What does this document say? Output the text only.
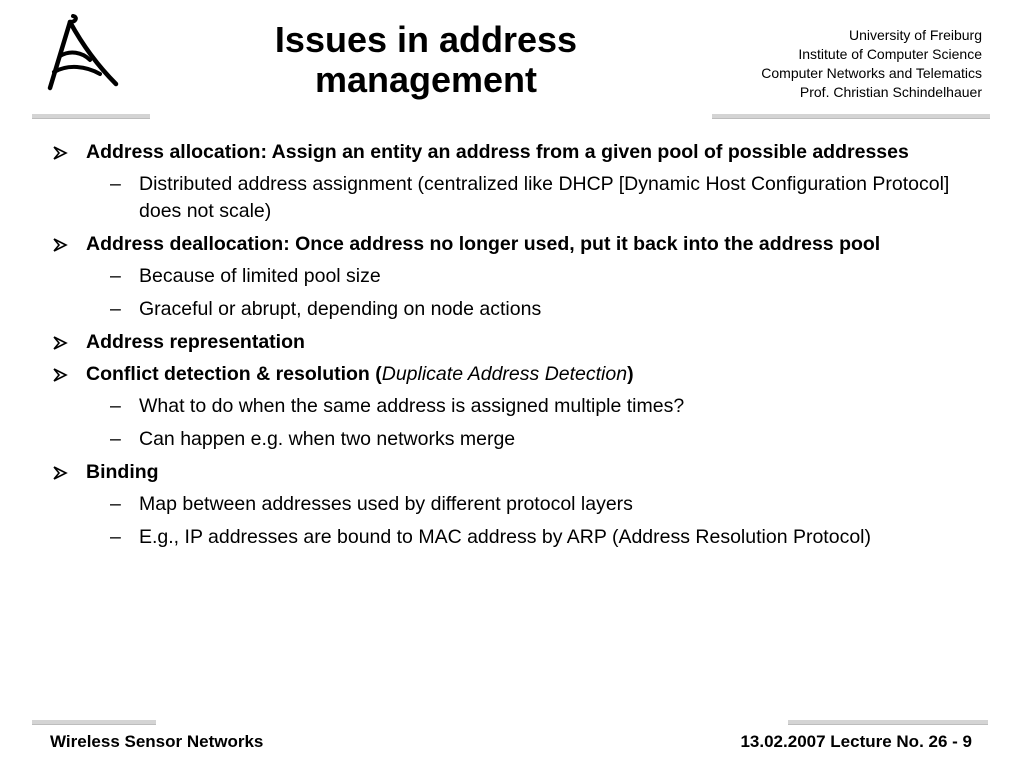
Issues in address
management
University of Freiburg
Institute of Computer Science
Computer Networks and Telematics
Prof. Christian Schindelhauer
Address allocation: Assign an entity an address from a given pool of possible addresses
– Distributed address assignment (centralized like DHCP [Dynamic Host Configuration Protocol] does not scale)
Address deallocation: Once address no longer used, put it back into the address pool
– Because of limited pool size
– Graceful or abrupt, depending on node actions
Address representation
Conflict detection & resolution (Duplicate Address Detection)
– What to do when the same address is assigned multiple times?
– Can happen e.g. when two networks merge
Binding
– Map between addresses used by different protocol layers
– E.g., IP addresses are bound to MAC address by ARP (Address Resolution Protocol)
Wireless Sensor Networks	13.02.2007 Lecture No. 26 - 9
